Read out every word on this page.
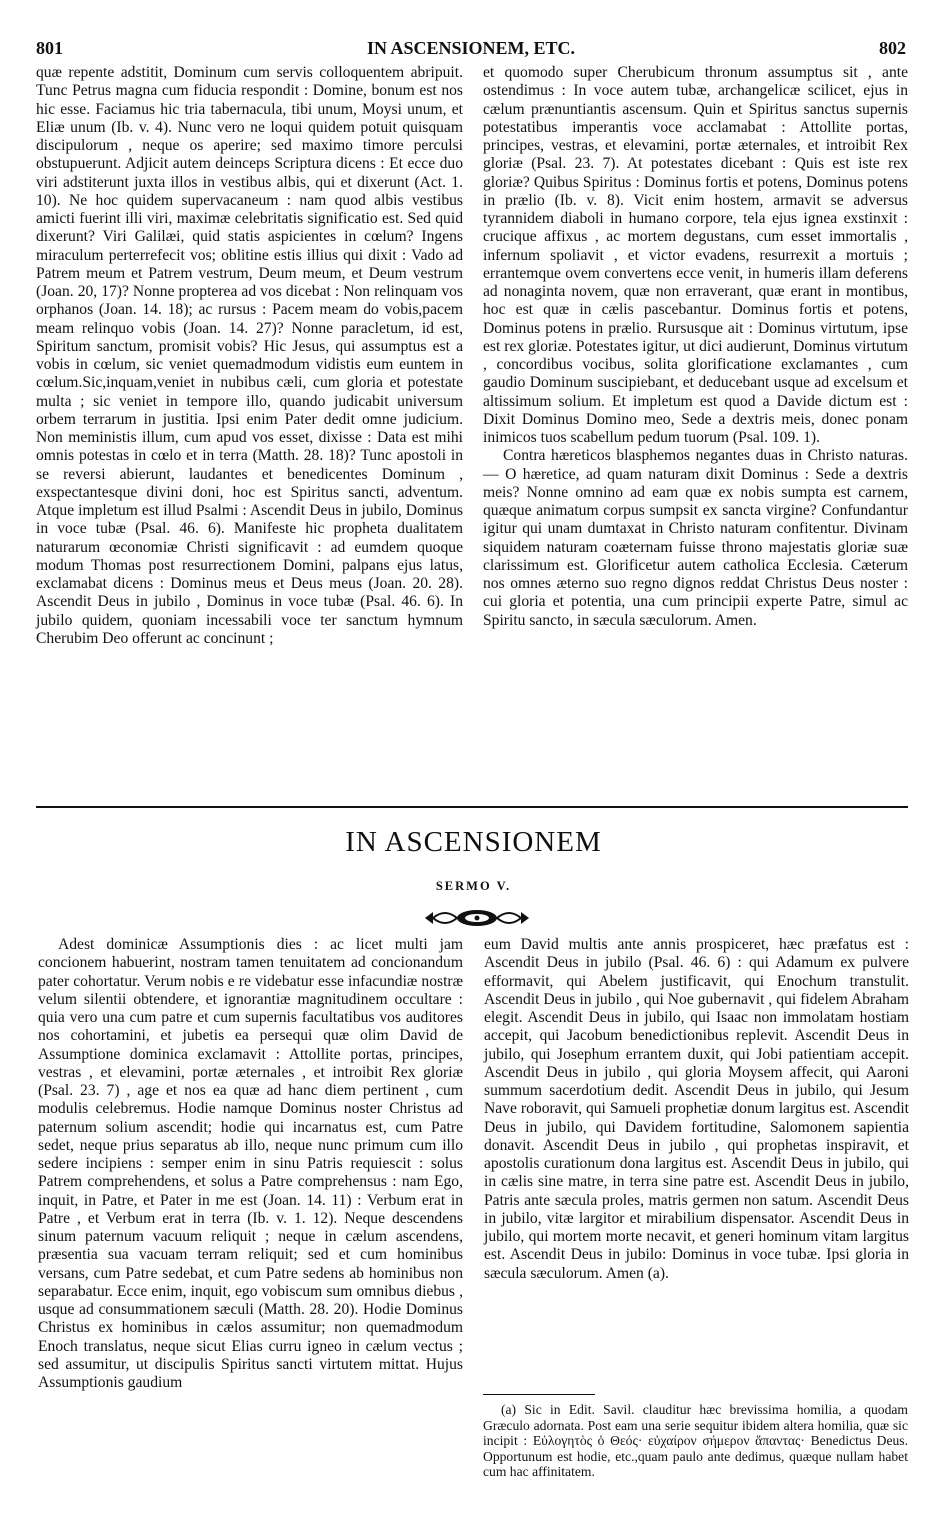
801	IN ASCENSIONEM, ETC.	802

quæ repente adstitit, Dominum cum servis colloquentem abripuit. Tunc Petrus magna cum fiducia respondit : Domine, bonum est nos hic esse. Faciamus hic tria tabernacula, tibi unum, Moysi unum, et Eliæ unum (Ib. v. 4). Nunc vero ne loqui quidem potuit quisquam discipulorum , neque os aperire; sed maximo timore perculsi obstupuerunt. Adjicit autem deinceps Scriptura dicens : Et ecce duo viri adstiterunt juxta illos in vestibus albis, qui et dixerunt (Act. 1. 10). Ne hoc quidem supervacaneum : nam quod albis vestibus amicti fuerint illi viri, maximæ celebritatis significatio est. Sed quid dixerunt? Viri Galilæi, quid statis aspicientes in cœlum? Ingens miraculum perterrefecit vos; oblitine estis illius qui dixit : Vado ad Patrem meum et Patrem vestrum, Deum meum, et Deum vestrum (Joan. 20, 17)? Nonne propterea ad vos dicebat : Non relinquam vos orphanos (Joan. 14. 18); ac rursus : Pacem meam do vobis,pacem meam relinquo vobis (Joan. 14. 27)? Nonne paracletum, id est, Spiritum sanctum, promisit vobis? Hic Jesus, qui assumptus est a vobis in cœlum, sic veniet quemadmodum vidistis eum euntem in cœlum.Sic,inquam,veniet in nubibus cæli, cum gloria et potestate multa ; sic veniet in tempore illo, quando judicabit universum orbem terrarum in justitia. Ipsi enim Pater dedit omne judicium. Non meministis illum, cum apud vos esset, dixisse : Data est mihi omnis potestas in cœlo et in terra (Matth. 28. 18)? Tunc apostoli in se reversi abierunt, laudantes et benedicentes Dominum , exspectantesque divini doni, hoc est Spiritus sancti, adventum. Atque impletum est illud Psalmi : Ascendit Deus in jubilo, Dominus in voce tubæ (Psal. 46. 6). Manifeste hic propheta dualitatem naturarum œconomiæ Christi significavit : ad eumdem quoque modum Thomas post resurrectionem Domini, palpans ejus latus, exclamabat dicens : Dominus meus et Deus meus (Joan. 20. 28). Ascendit Deus in jubilo , Dominus in voce tubæ (Psal. 46. 6). In jubilo quidem, quoniam incessabili voce ter sanctum hymnum Cherubim Deo offerunt ac concinunt ;

et quomodo super Cherubicum thronum assumptus sit , ante ostendimus : In voce autem tubæ, archangelicæ scilicet, ejus in cælum prænuntiantis ascensum. Quin et Spiritus sanctus supernis potestatibus imperantis voce acclamabat : Attollite portas, principes, vestras, et elevamini, portæ æternales, et introibit Rex gloriæ (Psal. 23. 7). At potestates dicebant : Quis est iste rex gloriæ? Quibus Spiritus : Dominus fortis et potens, Dominus potens in prælio (Ib. v. 8). Vicit enim hostem, armavit se adversus tyrannidem diaboli in humano corpore, tela ejus ignea exstinxit : crucique affixus , ac mortem degustans, cum esset immortalis , infernum spoliavit , et victor evadens, resurrexit a mortuis ; errantemque ovem convertens ecce venit, in humeris illam deferens ad nonaginta novem, quæ non erraverant, quæ erant in montibus, hoc est quæ in cælis pascebantur. Dominus fortis et potens, Dominus potens in prælio. Rursusque ait : Dominus virtutum, ipse est rex gloriæ. Potestates igitur, ut dici audierunt, Dominus virtutum , concordibus vocibus, solita glorificatione exclamantes , cum gaudio Dominum suscipiebant, et deducebant usque ad excelsum et altissimum solium. Et impletum est quod a Davide dictum est : Dixit Dominus Domino meo, Sede a dextris meis, donec ponam inimicos tuos scabellum pedum tuorum (Psal. 109. 1).

Contra hæreticos blasphemos negantes duas in Christo naturas. — O hæretice, ad quam naturam dixit Dominus : Sede a dextris meis? Nonne omnino ad eam quæ ex nobis sumpta est carnem, quæque animatum corpus sumpsit ex sancta virgine? Confundantur igitur qui unam dumtaxat in Christo naturam confitentur. Divinam siquidem naturam coæternam fuisse throno majestatis gloriæ suæ clarissimum est. Glorificetur autem catholica Ecclesia. Cæterum nos omnes æterno suo regno dignos reddat Christus Deus noster : cui gloria et potentia, una cum principii experte Patre, simul ac Spiritu sancto, in sæcula sæculorum. Amen.

IN ASCENSIONEM
SERMO V.

Adest dominicæ Assumptionis dies : ac licet multi jam concionem habuerint, nostram tamen tenuitatem ad concionandum pater cohortatur. Verum nobis e re videbatur esse infacundiæ nostræ velum silentii obtendere, et ignorantiæ magnitudinem occultare : quia vero una cum patre et cum supernis facultatibus vos auditores nos cohortamini, et jubetis ea persequi quæ olim David de Assumptione dominica exclamavit : Attollite portas, principes, vestras , et elevamini, portæ æternales , et introibit Rex gloriæ (Psal. 23. 7) , age et nos ea quæ ad hanc diem pertinent , cum modulis celebremus. Hodie namque Dominus noster Christus ad paternum solium ascendit; hodie qui incarnatus est, cum Patre sedet, neque prius separatus ab illo, neque nunc primum cum illo sedere incipiens : semper enim in sinu Patris requiescit : solus Patrem comprehendens, et solus a Patre comprehensus : nam Ego, inquit, in Patre, et Pater in me est (Joan. 14. 11) : Verbum erat in Patre , et Verbum erat in terra (Ib. v. 1. 12). Neque descendens sinum paternum vacuum reliquit ; neque in cælum ascendens, præsentia sua vacuam terram reliquit; sed et cum hominibus versans, cum Patre sedebat, et cum Patre sedens ab hominibus non separabatur. Ecce enim, inquit, ego vobiscum sum omnibus diebus , usque ad consummationem sæculi (Matth. 28. 20). Hodie Dominus Christus ex hominibus in cælos assumitur; non quemadmodum Enoch translatus, neque sicut Elias curru igneo in cælum vectus ; sed assumitur, ut discipulis Spiritus sancti virtutem mittat. Hujus Assumptionis gaudium

eum David multis ante annis prospiceret, hæc præfatus est : Ascendit Deus in jubilo (Psal. 46. 6) : qui Adamum ex pulvere efformavit, qui Abelem justificavit, qui Enochum transtulit. Ascendit Deus in jubilo , qui Noe gubernavit , qui fidelem Abraham elegit. Ascendit Deus in jubilo, qui Isaac non immolatam hostiam accepit, qui Jacobum benedictionibus replevit. Ascendit Deus in jubilo, qui Josephum errantem duxit, qui Jobi patientiam accepit. Ascendit Deus in jubilo , qui gloria Moysem affecit, qui Aaroni summum sacerdotium dedit. Ascendit Deus in jubilo, qui Jesum Nave roboravit, qui Samueli prophetiæ donum largitus est. Ascendit Deus in jubilo, qui Davidem fortitudine, Salomonem sapientia donavit. Ascendit Deus in jubilo , qui prophetas inspiravit, et apostolis curationum dona largitus est. Ascendit Deus in jubilo, qui in cælis sine matre, in terra sine patre est. Ascendit Deus in jubilo, Patris ante sæcula proles, matris germen non satum. Ascendit Deus in jubilo, vitæ largitor et mirabilium dispensator. Ascendit Deus in jubilo, qui mortem morte necavit, et generi hominum vitam largitus est. Ascendit Deus in jubilo: Dominus in voce tubæ. Ipsi gloria in sæcula sæculorum. Amen (a).

(a) Sic in Edit. Savil. clauditur hæc brevissima homilia, a quodam Græculo adornata. Post eam una serie sequitur ibidem altera homilia, quæ sic incipit : Εὐλογητὸς ὁ Θεός· εὐχαίρον σήμερον ἅπαντας· Benedictus Deus. Opportunum est hodie, etc.,quam paulo ante dedimus, quæque nullam habet cum hac affinitatem.
